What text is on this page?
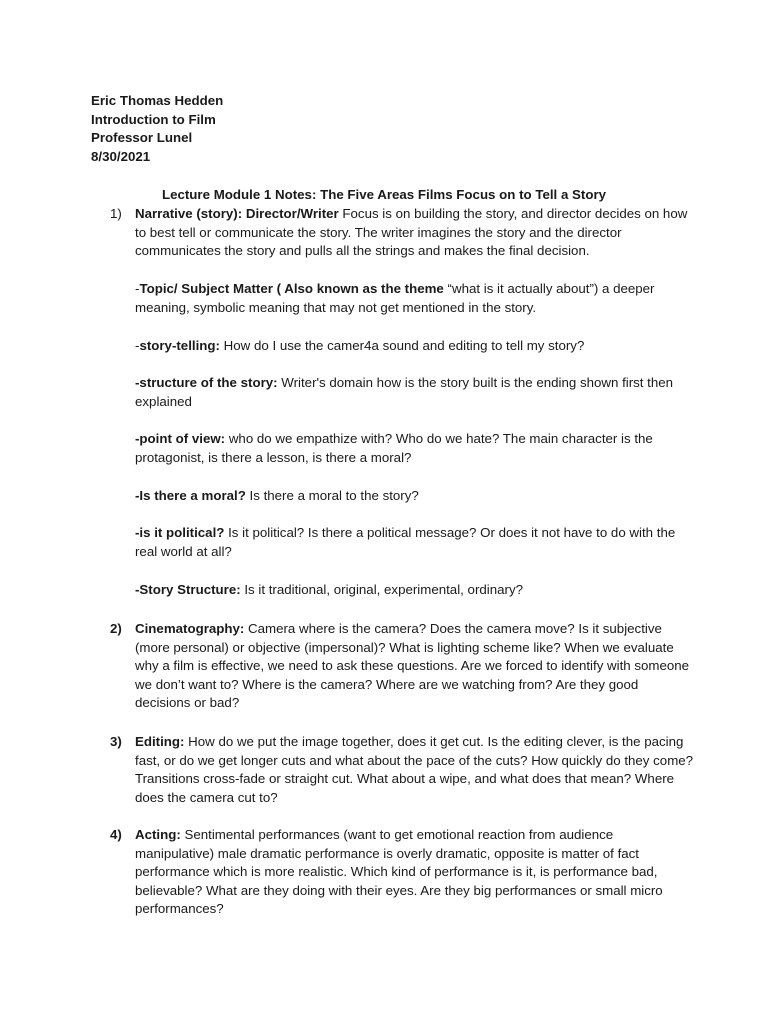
Eric Thomas Hedden
Introduction to Film
Professor Lunel
8/30/2021
Lecture Module 1 Notes: The Five Areas Films Focus on to Tell a Story
1) Narrative (story): Director/Writer Focus is on building the story, and director decides on how to best tell or communicate the story. The writer imagines the story and the director communicates the story and pulls all the strings and makes the final decision.

-Topic/ Subject Matter ( Also known as the theme “what is it actually about”) a deeper meaning, symbolic meaning that may not get mentioned in the story.

-story-telling: How do I use the camer4a sound and editing to tell my story?

-structure of the story: Writer's domain how is the story built is the ending shown first then explained

-point of view: who do we empathize with? Who do we hate? The main character is the protagonist, is there a lesson, is there a moral?

-Is there a moral? Is there a moral to the story?

-is it political? Is it political? Is there a political message? Or does it not have to do with the real world at all?

-Story Structure: Is it traditional, original, experimental, ordinary?

2) Cinematography: Camera where is the camera? Does the camera move? Is it subjective (more personal) or objective (impersonal)? What is lighting scheme like? When we evaluate why a film is effective, we need to ask these questions. Are we forced to identify with someone we don’t want to? Where is the camera? Where are we watching from? Are they good decisions or bad?

3) Editing: How do we put the image together, does it get cut. Is the editing clever, is the pacing fast, or do we get longer cuts and what about the pace of the cuts? How quickly do they come? Transitions cross-fade or straight cut. What about a wipe, and what does that mean? Where does the camera cut to?

4) Acting: Sentimental performances (want to get emotional reaction from audience manipulative) male dramatic performance is overly dramatic, opposite is matter of fact performance which is more realistic. Which kind of performance is it, is performance bad, believable? What are they doing with their eyes. Are they big performances or small micro performances?
